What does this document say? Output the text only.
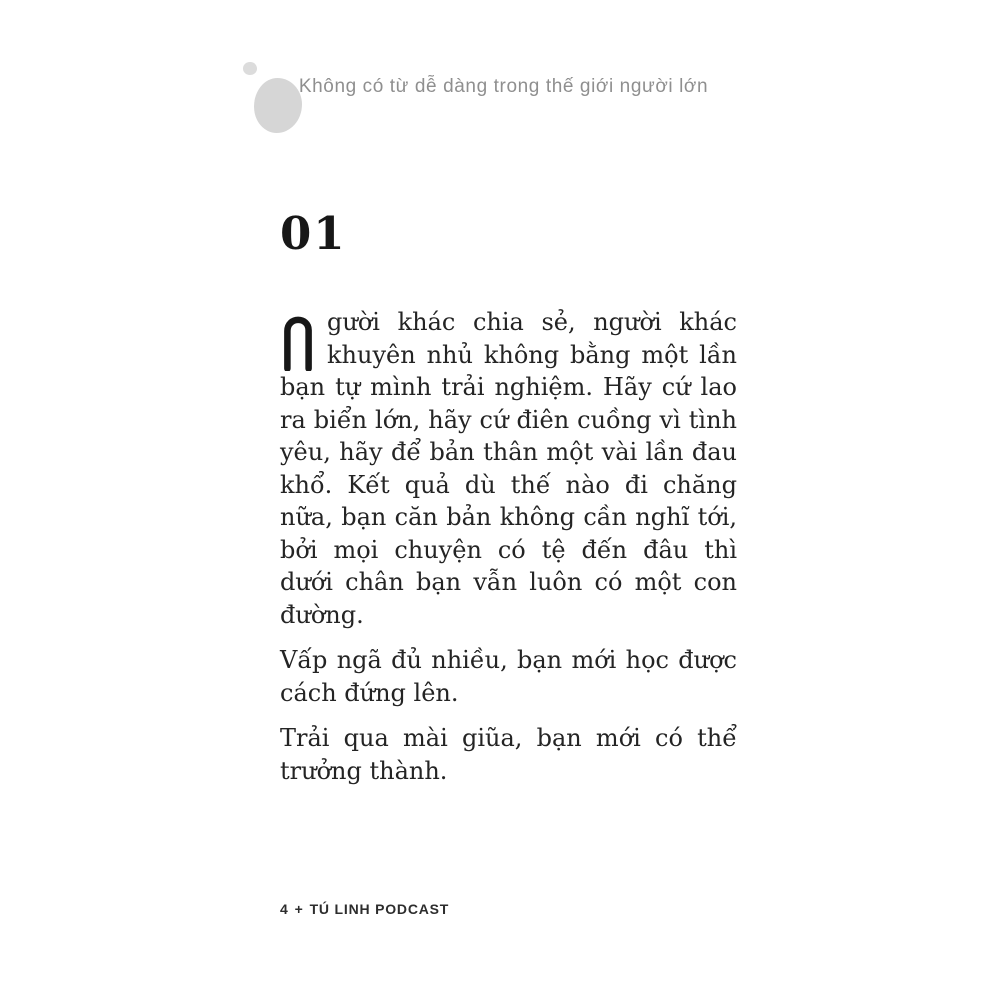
Không có từ dễ dàng trong thế giới người lớn
01

gười khác chia sẻ, người khác khuyên nhủ không bằng một lần bạn tự mình trải nghiệm. Hãy cứ lao ra biển lớn, hãy cứ điên cuồng vì tình yêu, hãy để bản thân một vài lần đau khổ. Kết quả dù thế nào đi chăng nữa, bạn căn bản không cần nghĩ tới, bởi mọi chuyện có tệ đến đâu thì dưới chân bạn vẫn luôn có một con đường.

Vấp ngã đủ nhiều, bạn mới học được cách đứng lên.

Trải qua mài giũa, bạn mới có thể trưởng thành.

4 + TÚ LINH PODCAST
